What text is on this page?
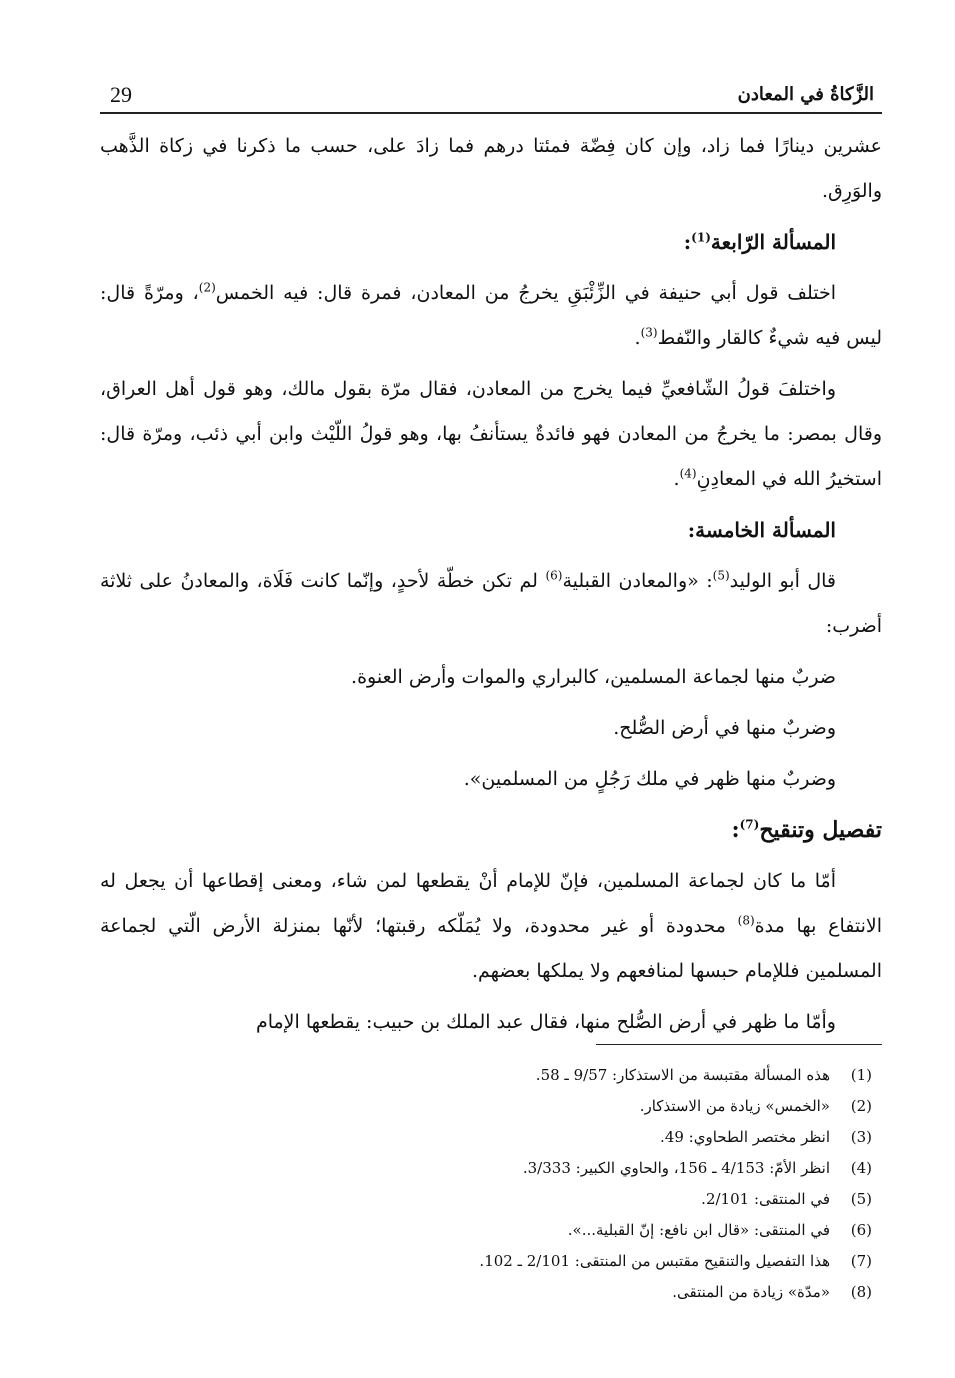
29	الزَّكاةُ في المعادن

عشرين دينارًا فما زاد، وإن كان فِضّة فمئتا درهم فما زادَ على، حسب ما ذكرنا في زكاة الذَّهب والوَرِق.

المسألة الرّابعة$^{(1)}$:

اختلف قول أبي حنيفة في الزِّئْبَقِ يخرجُ من المعادن، فمرة قال: فيه الخمس$^{(2)}$، ومرّةً قال: ليس فيه شيءٌ كالقار والنّفط$^{(3)}$.

واختلفَ قولُ الشّافعيِّ فيما يخرج من المعادن، فقال مرّة بقول مالك، وهو قول أهل العراق، وقال بمصر: ما يخرجُ من المعادن فهو فائدةٌ يستأنفُ بها، وهو قولُ اللّيْث وابن أبي ذئب، ومرّة قال: استخيرُ الله في المعادِنِ$^{(4)}$.

المسألة الخامسة:

قال أبو الوليد$^{(5)}$: «والمعادن القبلية$^{(6)}$ لم تكن خطّة لأحدٍ، وإنّما كانت فَلَاة، والمعادنُ على ثلاثة أضرب:

ضربٌ منها لجماعة المسلمين، كالبراري والموات وأرض العنوة.

وضربٌ منها في أرض الصُّلح.

وضربٌ منها ظهر في ملك رَجُلٍ من المسلمين».

تفصيل وتنقيح$^{(7)}$:

أمّا ما كان لجماعة المسلمين، فإنّ للإمام أنْ يقطعها لمن شاء، ومعنى إقطاعها أن يجعل له الانتفاع بها مدة$^{(8)}$ محدودة أو غير محدودة، ولا يُمَلّكه رقبتها؛ لأنّها بمنزلة الأرض الّتي لجماعة المسلمين فللإمام حبسها لمنافعهم ولا يملكها بعضهم.

وأمّا ما ظهر في أرض الصُّلح منها، فقال عبد الملك بن حبيب: يقطعها الإمام

(1)
هذه المسألة مقتبسة من الاستذكار: 9/57 ـ 58.
(2)
«الخمس» زيادة من الاستذكار.
(3)
انظر مختصر الطحاوي: 49.
(4)
انظر الأمّ: 4/153 ـ 156، والحاوي الكبير: 3/333.
(5)
في المنتقى: 2/101.
(6)
في المنتقى: «قال ابن نافع: إنّ القبلية...».
(7)
هذا التفصيل والتنقيح مقتبس من المنتقى: 2/101 ـ 102.
(8)
«مدّة» زيادة من المنتقى.
